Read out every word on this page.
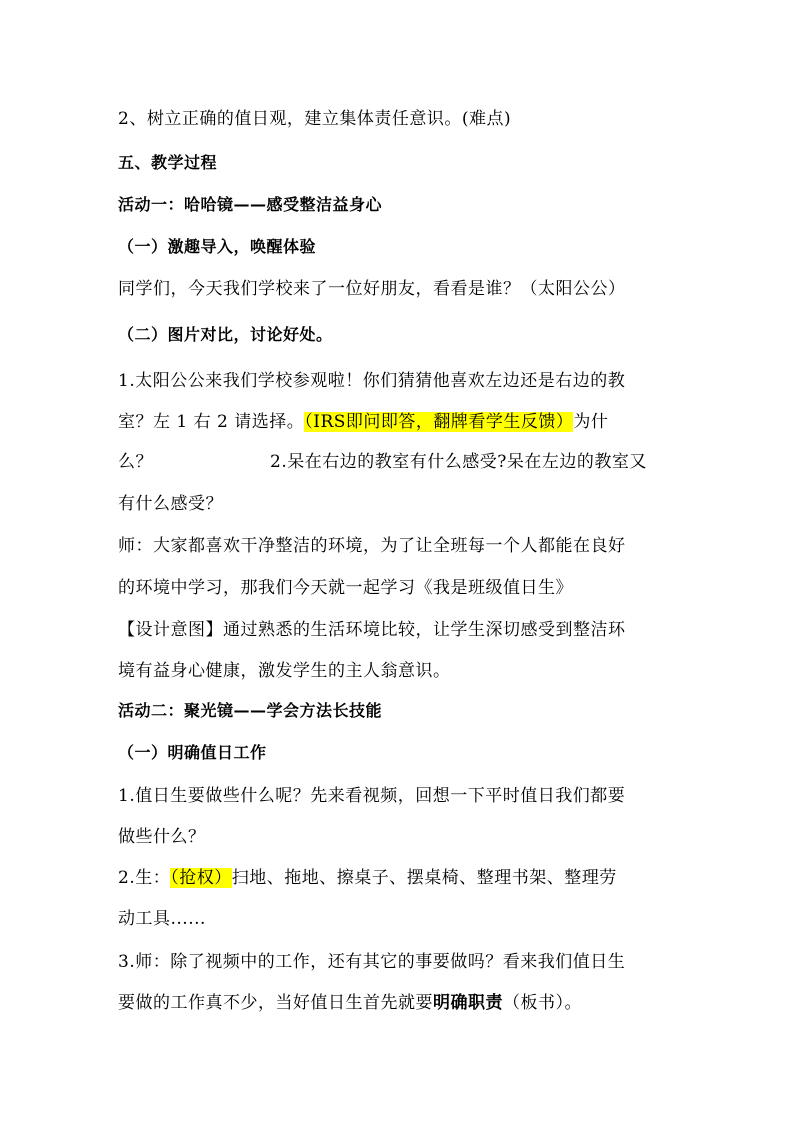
2、树立正确的值日观，建立集体责任意识。(难点)
五、教学过程
活动一：哈哈镜——感受整洁益身心
（一）激趣导入，唤醒体验
同学们，今天我们学校来了一位好朋友，看看是谁？（太阳公公）
（二）图片对比，讨论好处。
1.太阳公公来我们学校参观啦！你们猜猜他喜欢左边还是右边的教
室？左 1 右 2 请选择。（IRS即问即答，翻牌看学生反馈）为什
么？	2.呆在右边的教室有什么感受?呆在左边的教室又
有什么感受？
师：大家都喜欢干净整洁的环境，为了让全班每一个人都能在良好
的环境中学习，那我们今天就一起学习《我是班级值日生》
【设计意图】通过熟悉的生活环境比较，让学生深切感受到整洁环
境有益身心健康，激发学生的主人翁意识。
活动二：聚光镜——学会方法长技能
（一）明确值日工作
1.值日生要做些什么呢？先来看视频，回想一下平时值日我们都要
做些什么？
2.生：（抢权）扫地、拖地、擦桌子、摆桌椅、整理书架、整理劳
动工具......
3.师：除了视频中的工作，还有其它的事要做吗？看来我们值日生
要做的工作真不少，当好值日生首先就要明确职责（板书）。
